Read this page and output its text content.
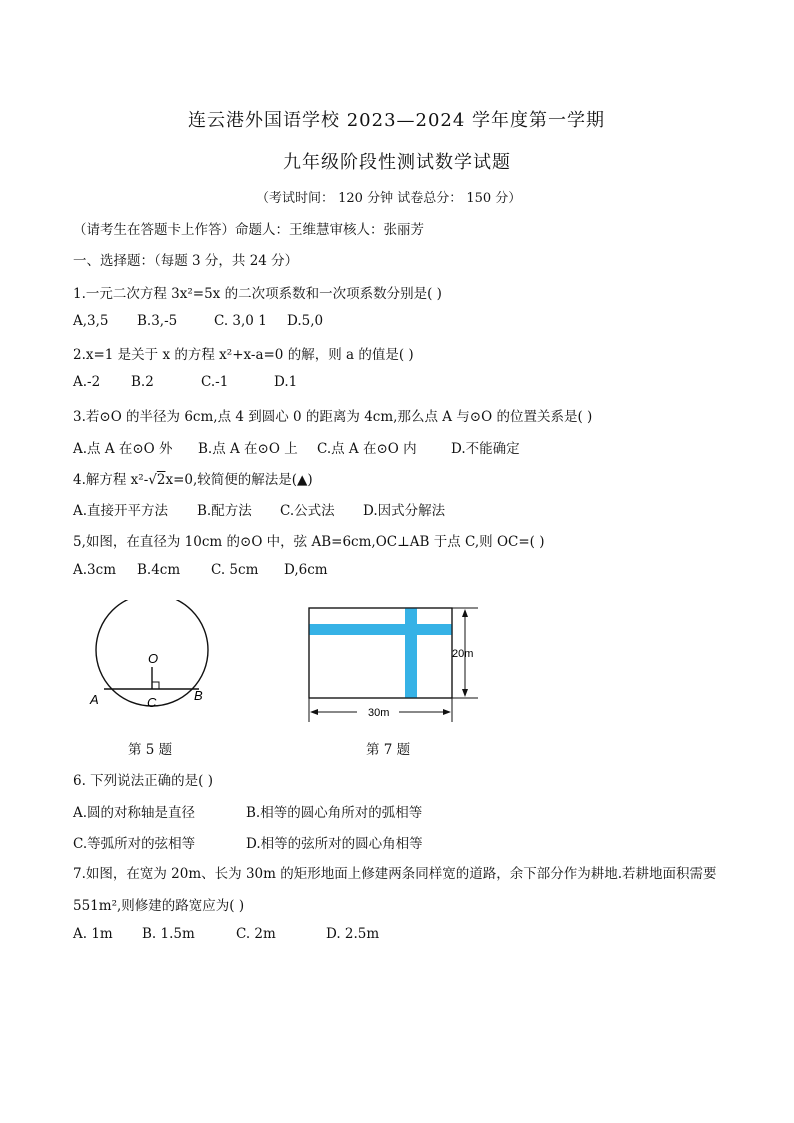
连云港外国语学校 2023—2024 学年度第一学期
九年级阶段性测试数学试题
（考试时间： 120 分钟 试卷总分： 150 分）
（请考生在答题卡上作答）命题人：王维慧审核人：张丽芳
一、选择题：（每题 3 分，共 24 分）
1.一元二次方程 3x²=5x 的二次项系数和一次项系数分别是( )
A,3,5 B.3,-5	C. 3,0 1 D.5,0
2.x=1 是关于 x 的方程 x²+x-a=0 的解，则 a 的值是( )
A.-2 B.2	C.-1	D.1
3.若⊙O 的半径为 6cm,点 4 到圆心 0 的距离为 4cm,那么点 A 与⊙O 的位置关系是( )
A.点 A 在⊙O 外 B.点 A 在⊙O 上 C.点 A 在⊙O 内	D.不能确定
4.解方程 x²-√2x=0,较简便的解法是(▲)
A.直接开平方法 B.配方法 C.公式法 D.因式分解法
5,如图，在直径为 10cm 的⊙O 中，弦 AB=6cm,OC⊥AB 于点 C,则 OC=( )
A.3cm B.4cm C. 5cm D,6cm
O
A	B
C
第 5 题
20m
30m
第 7 题
6. 下列说法正确的是( )
A.圆的对称轴是直径	B.相等的圆心角所对的弧相等
C.等弧所对的弦相等	D.相等的弦所对的圆心角相等
7.如图，在宽为 20m、长为 30m 的矩形地面上修建两条同样宽的道路，余下部分作为耕地.若耕地面积需要
551m²,则修建的路宽应为( )
A. 1m B. 1.5m	C. 2m	D. 2.5m
